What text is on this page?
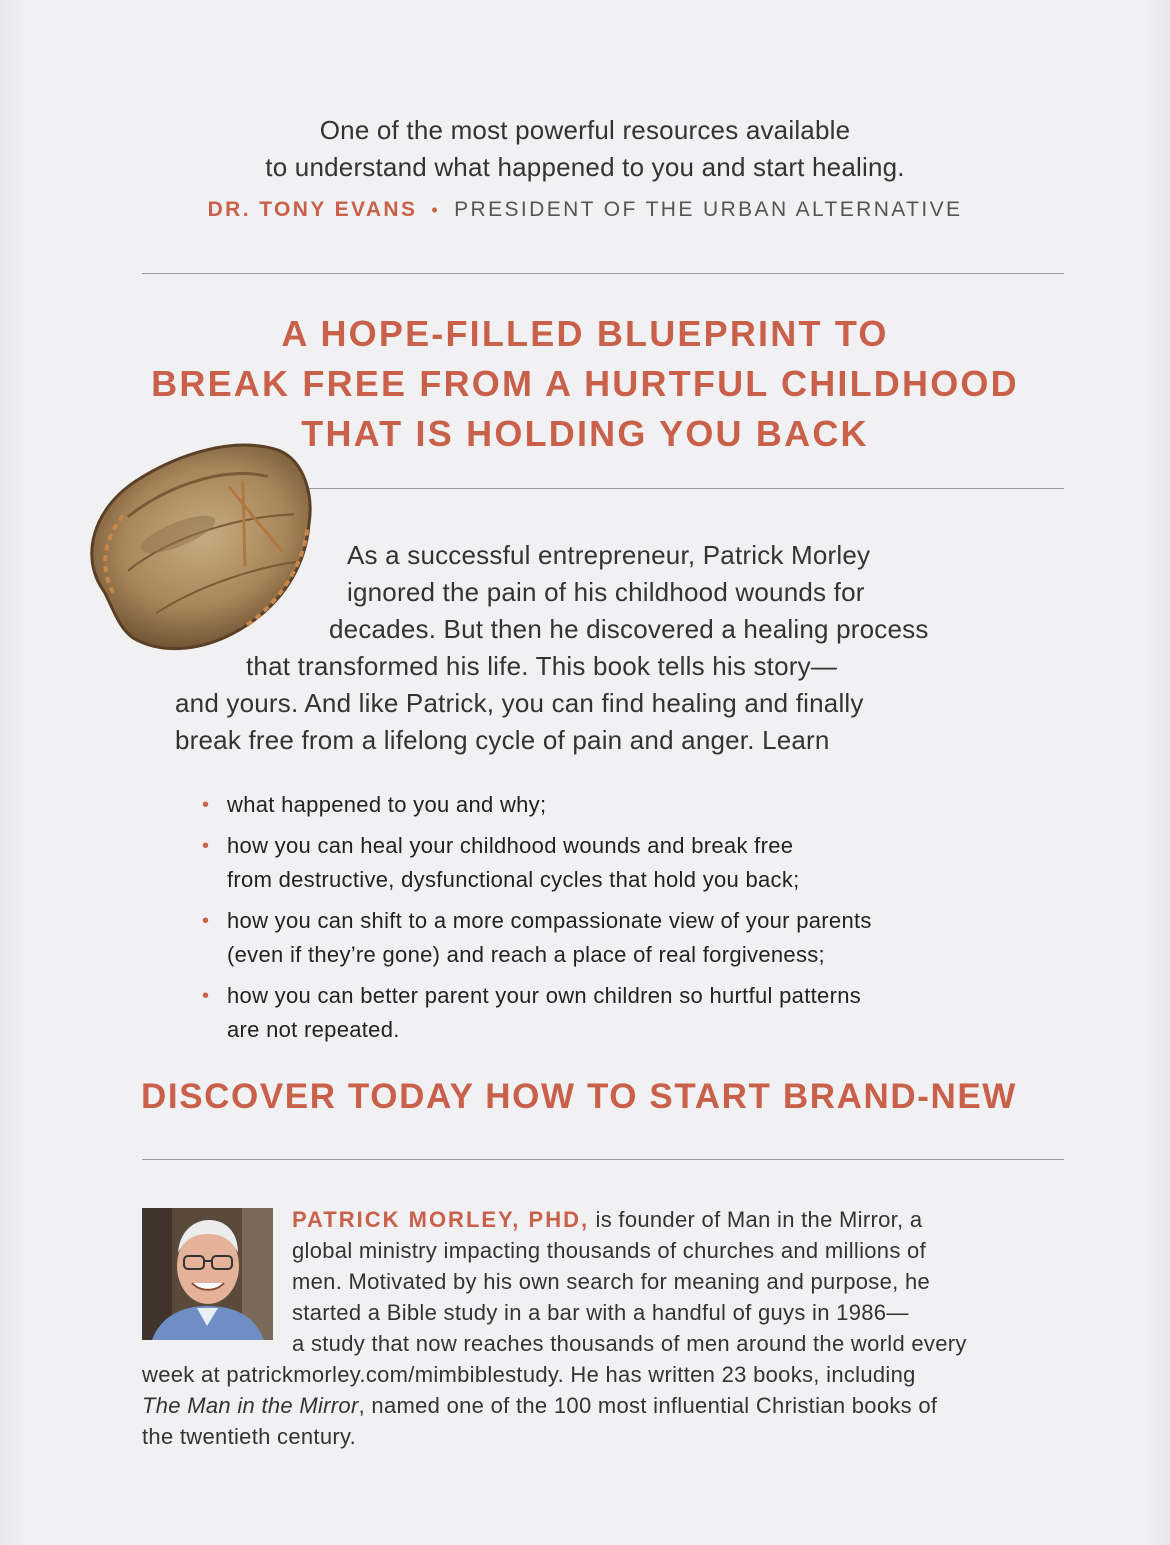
One of the most powerful resources available
to understand what happened to you and start healing.
DR. TONY EVANS • PRESIDENT OF THE URBAN ALTERNATIVE
A HOPE-FILLED BLUEPRINT TO
BREAK FREE FROM A HURTFUL CHILDHOOD
THAT IS HOLDING YOU BACK
As a successful entrepreneur, Patrick Morley
ignored the pain of his childhood wounds for
decades. But then he discovered a healing process
that transformed his life. This book tells his story—
and yours. And like Patrick, you can find healing and finally
break free from a lifelong cycle of pain and anger. Learn
• what happened to you and why;
• how you can heal your childhood wounds and break free
from destructive, dysfunctional cycles that hold you back;
• how you can shift to a more compassionate view of your parents
(even if they’re gone) and reach a place of real forgiveness;
• how you can better parent your own children so hurtful patterns
are not repeated.
DISCOVER TODAY HOW TO START BRAND-NEW
PATRICK MORLEY, PHD, is founder of Man in the Mirror, a
global ministry impacting thousands of churches and millions of
men. Motivated by his own search for meaning and purpose, he
started a Bible study in a bar with a handful of guys in 1986—
a study that now reaches thousands of men around the world every
week at patrickmorley.com/mimbiblestudy. He has written 23 books, including
The Man in the Mirror, named one of the 100 most influential Christian books of
the twentieth century.
